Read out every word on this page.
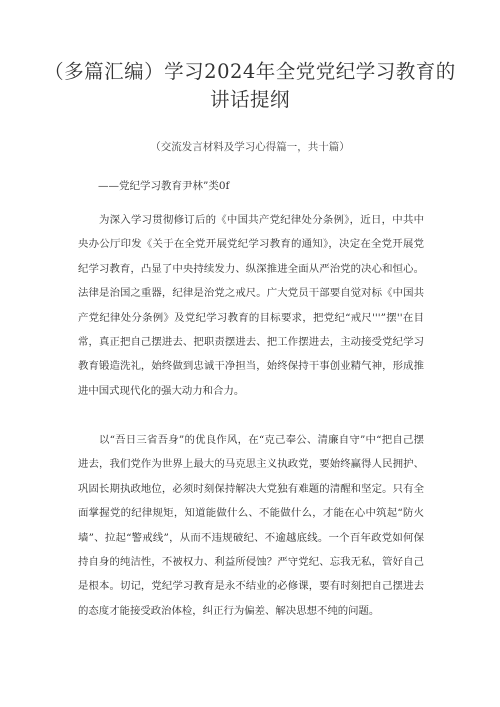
（多篇汇编）学习2024年全党党纪学习教育的讲话提纲
（交流发言材料及学习心得篇一，共十篇）
——党纪学习教育尹林”类0f

为深入学习贯彻修订后的《中国共产党纪律处分条例》，近日，中共中央办公厅印发《关于在全党开展党纪学习教育的通知》，决定在全党开展党纪学习教育，凸显了中央持续发力、纵深推进全面从严治党的决心和恒心。法律是治国之重器，纪律是治党之戒尺。广大党员干部要自觉对标《中国共产党纪律处分条例》及党纪学习教育的目标要求，把党纪“戒尺'''”摆''在目常，真正把自己摆进去、把职责摆进去、把工作摆进去，主动接受党纪学习教育锻造洗礼，始终做到忠诚干净担当，始终保持干事创业精气神，形成推进中国式现代化的强大动力和合力。

以“吾日三省吾身”的优良作风，在“克己奉公、清廉自守”中“把自己摆进去，我们党作为世界上最大的马克思主义执政党，要始终赢得人民拥护、巩固长期执政地位，必须时刻保持解决大党独有难题的清醒和坚定。只有全面掌握党的纪律规矩，知道能做什么、不能做什么，才能在心中筑起“防火墙”、拉起“警戒线”，从而不违规破纪、不逾越底线。一个百年政党如何保持自身的纯洁性，不被权力、利益所侵蚀？严守党纪、忘我无私，管好自己是根本。切记，党纪学习教育是永不结业的必修课，要有时刻把自己摆进去的态度才能接受政治体检，纠正行为偏差、解决思想不纯的问题。
